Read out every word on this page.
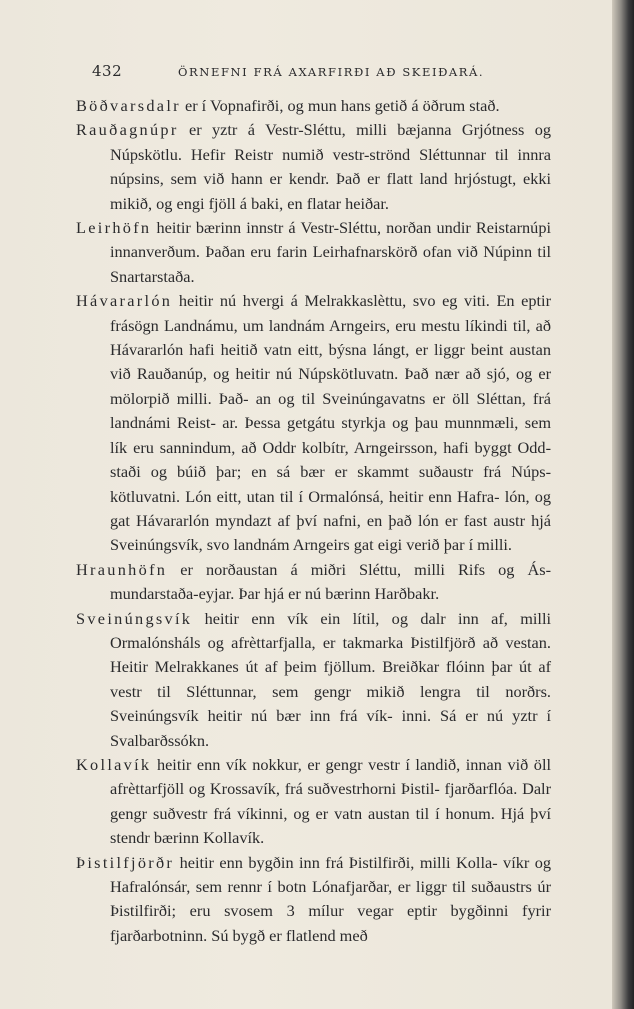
432	ÖRNEFNI FRÁ AXARFIRÐI AÐ SKEIÐARÁ.

Böðvarsdalr er í Vopnafirði, og mun hans getið á öðrum stað.

Rauðagnúpr er yztr á Vestr-Sléttu, milli bæjanna Grjótness og Núpskötlu. Hefir Reistr numið vestr-strönd Sléttunnar til innra núpsins, sem við hann er kendr. Það er flatt land hrjóstugt, ekki mikið, og engi fjöll á baki, en flatar heiðar.

Leirhöfn heitir bærinn innstr á Vestr-Sléttu, norðan undir Reistarnúpi innanverðum. Þaðan eru farin Leirhafnarskörð ofan við Núpinn til Snartarstaða.

Hávararlón heitir nú hvergi á Melrakkaslèttu, svo eg viti. En eptir frásögn Landnámu, um landnám Arngeirs, eru mestu líkindi til, að Hávararlón hafi heitið vatn eitt, býsna lángt, er liggr beint austan við Rauðanúp, og heitir nú Núpskötluvatn. Það nær að sjó, og er mölorpið milli. Það- an og til Sveinúngavatns er öll Sléttan, frá landnámi Reist- ar. Þessa getgátu styrkja og þau munnmæli, sem lík eru sannindum, að Oddr kolbítr, Arngeirsson, hafi byggt Odd- staði og búið þar; en sá bær er skammt suðaustr frá Núps- kötluvatni. Lón eitt, utan til í Ormalónsá, heitir enn Hafra- lón, og gat Hávararlón myndazt af því nafni, en það lón er fast austr hjá Sveinúngsvík, svo landnám Arngeirs gat eigi verið þar í milli.

Hraunhöfn er norðaustan á miðri Sléttu, milli Rifs og Ás- mundarstaða-eyjar. Þar hjá er nú bærinn Harðbakr.

Sveinúngsvík heitir enn vík ein lítil, og dalr inn af, milli Ormalónsháls og afrèttarfjalla, er takmarka Þistilfjörð að vestan. Heitir Melrakkanes út af þeim fjöllum. Breiðkar flóinn þar út af vestr til Sléttunnar, sem gengr mikið lengra til norðrs. Sveinúngsvík heitir nú bær inn frá vík- inni. Sá er nú yztr í Svalbarðssókn.

Kollavík heitir enn vík nokkur, er gengr vestr í landið, innan við öll afrèttarfjöll og Krossavík, frá suðvestrhorni Þistil- fjarðarflóa. Dalr gengr suðvestr frá víkinni, og er vatn austan til í honum. Hjá því stendr bærinn Kollavík.

Þistilfjörðr heitir enn bygðin inn frá Þistilfirði, milli Kolla- víkr og Hafralónsár, sem rennr í botn Lónafjarðar, er liggr til suðaustrs úr Þistilfirði; eru svosem 3 mílur vegar eptir bygðinni fyrir fjarðarbotninn. Sú bygð er flatlend með
